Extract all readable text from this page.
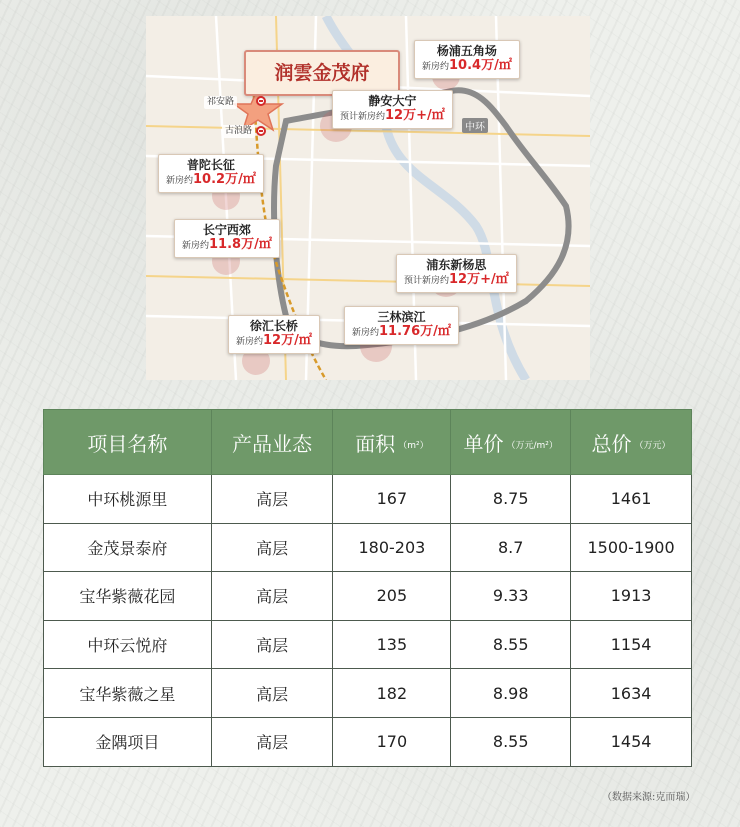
润雲金茂府
祁安路
古浪路	中环
杨浦五角场
新房约10.4万/㎡
静安大宁
预计新房约12万+/㎡
普陀长征
新房约10.2万/㎡
长宁西郊
新房约11.8万/㎡
浦东新杨思
预计新房约12万+/㎡
三林滨江
新房约11.76万/㎡
徐汇长桥
新房约12万/㎡
项目名称	产品业态	面积 （m²）	单价 （万元/m²）	总价 （万元）
中环桃源里	高层	167	8.75	1461
金茂景泰府	高层	180-203	8.7	1500-1900
宝华紫薇花园	高层	205	9.33	1913
中环云悦府	高层	135	8.55	1154
宝华紫薇之星	高层	182	8.98	1634
金隅项目	高层	170	8.55	1454
（数据来源:克而瑞）
